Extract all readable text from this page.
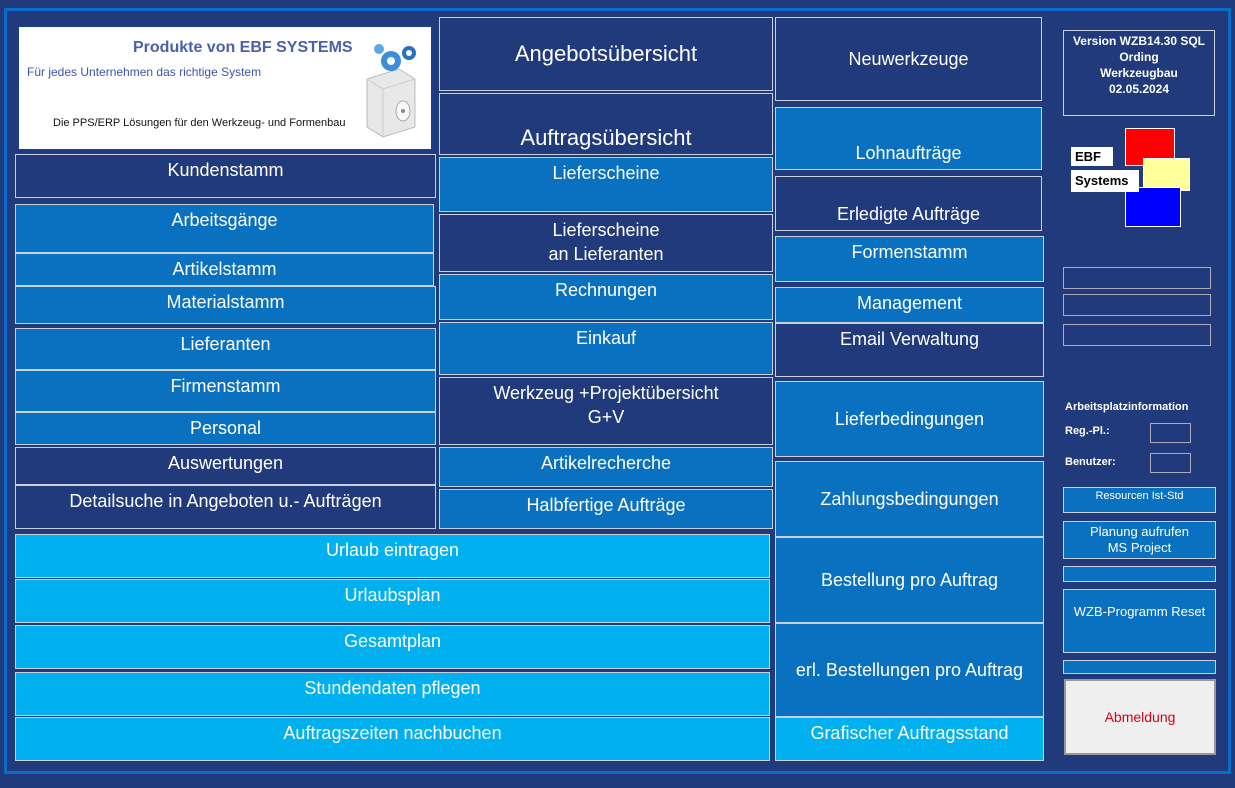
Produkte von EBF SYSTEMS
Für jedes Unternehmen das richtige System
Die PPS/ERP Lösungen für den Werkzeug- und Formenbau
Kundenstamm
Arbeitsgänge
Artikelstamm
Materialstamm
Lieferanten
Firmenstamm
Personal
Auswertungen
Detailsuche in Angeboten u.- Aufträgen
Angebotsübersicht
Auftragsübersicht
Lieferscheine
Lieferscheine
an Lieferanten
Rechnungen
Einkauf
Werkzeug +Projektübersicht
G+V
Artikelrecherche
Halbfertige Aufträge
Urlaub eintragen
Urlaubsplan
Gesamtplan
Stundendaten pflegen
Auftragszeiten nachbuchen
Neuwerkzeuge
Lohnaufträge
Erledigte Aufträge
Formenstamm
Management
Email Verwaltung
Lieferbedingungen
Zahlungsbedingungen
Bestellung pro Auftrag
erl. Bestellungen pro Auftrag
Grafischer Auftragsstand
Version WZB14.30 SQL
Ording
Werkzeugbau
02.05.2024
EBF
Systems
Arbeitsplatzinformation
Reg.-Pl.:
Benutzer:
Resourcen Ist-Std
Planung aufrufen
MS Project
WZB-Programm Reset
Abmeldung
